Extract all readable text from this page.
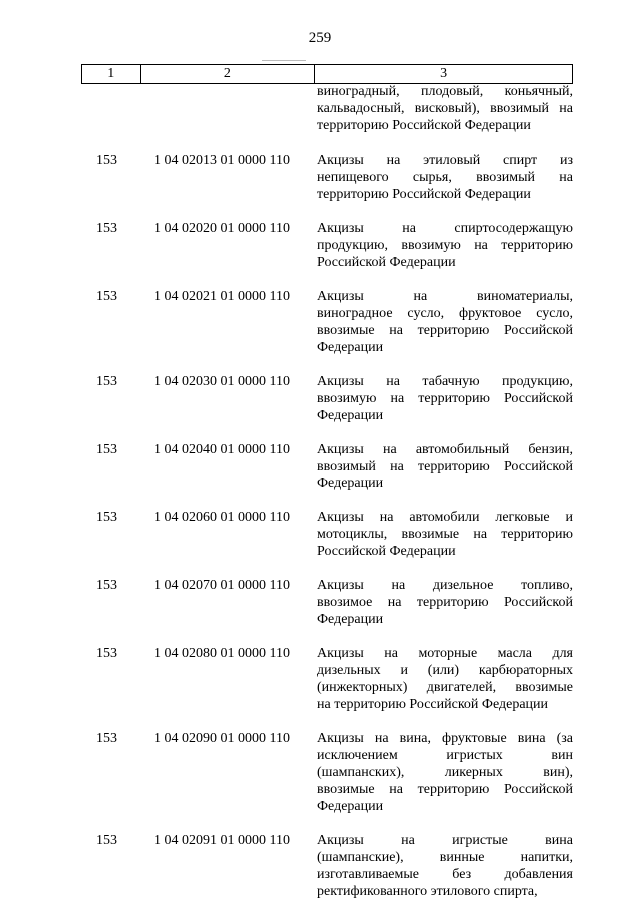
259
1	2	3
виноградный, плодовый, коньячный,
кальвадосный, висковый), ввозимый на
территорию Российской Федерации
153	1 04 02013 01 0000 110	Акцизы на этиловый спирт из
непищевого сырья, ввозимый на
территорию Российской Федерации
153	1 04 02020 01 0000 110	Акцизы на спиртосодержащую
продукцию, ввозимую на территорию
Российской Федерации
153	1 04 02021 01 0000 110	Акцизы на виноматериалы,
виноградное сусло, фруктовое сусло,
ввозимые на территорию Российской
Федерации
153	1 04 02030 01 0000 110	Акцизы на табачную продукцию,
ввозимую на территорию Российской
Федерации
153	1 04 02040 01 0000 110	Акцизы на автомобильный бензин,
ввозимый на территорию Российской
Федерации
153	1 04 02060 01 0000 110	Акцизы на автомобили легковые и
мотоциклы, ввозимые на территорию
Российской Федерации
153	1 04 02070 01 0000 110	Акцизы на дизельное топливо,
ввозимое на территорию Российской
Федерации
153	1 04 02080 01 0000 110	Акцизы на моторные масла для
дизельных и (или) карбюраторных
(инжекторных) двигателей, ввозимые
на территорию Российской Федерации
153	1 04 02090 01 0000 110	Акцизы на вина, фруктовые вина (за
исключением игристых вин
(шампанских), ликерных вин),
ввозимые на территорию Российской
Федерации
153	1 04 02091 01 0000 110	Акцизы на игристые вина
(шампанские), винные напитки,
изготавливаемые без добавления
ректификованного этилового спирта,
